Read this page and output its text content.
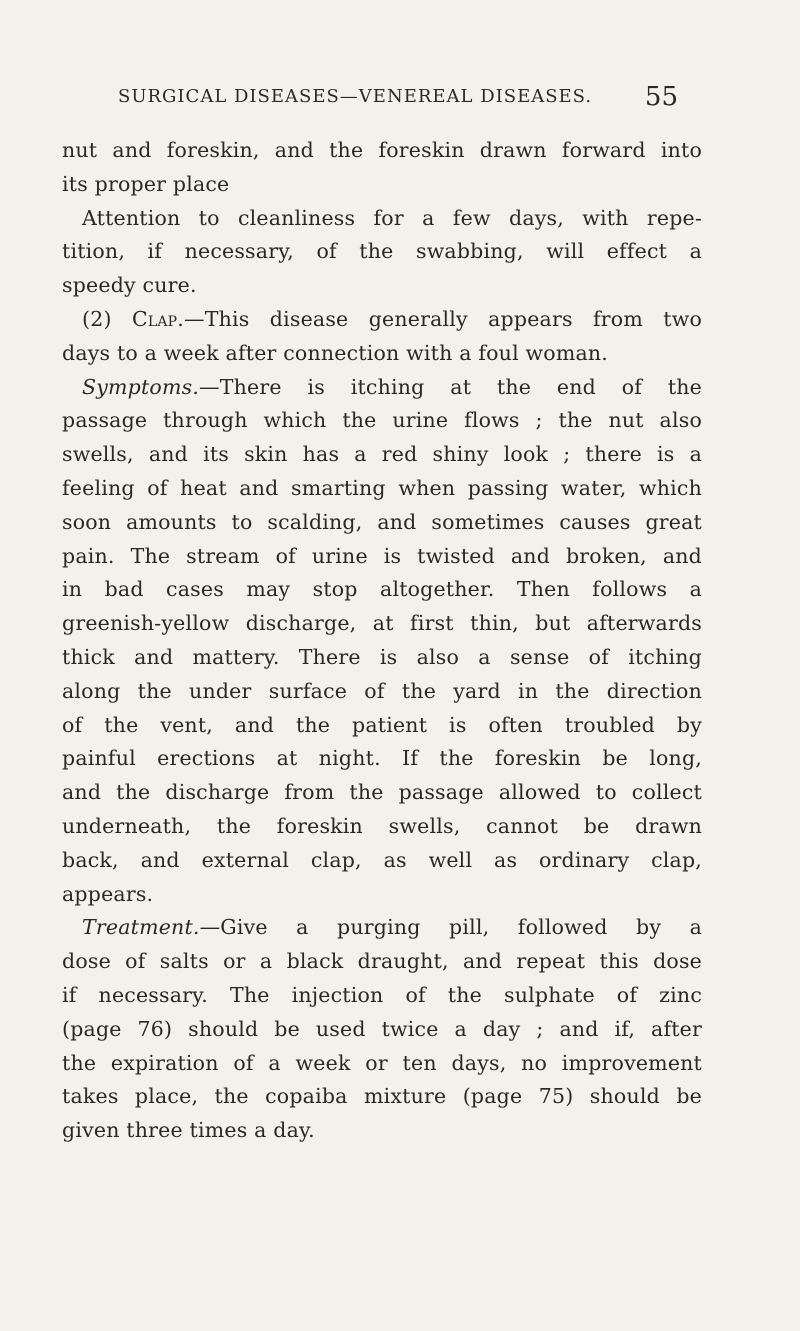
SURGICAL DISEASES—VENEREAL DISEASES. 55
nut and foreskin, and the foreskin drawn forward into
its proper place
Attention to cleanliness for a few days, with repe-
tition, if necessary, of the swabbing, will effect a
speedy cure.
(2) Clap.—This disease generally appears from two
days to a week after connection with a foul woman.
Symptoms.—There is itching at the end of the
passage through which the urine flows ; the nut also
swells, and its skin has a red shiny look ; there is a
feeling of heat and smarting when passing water, which
soon amounts to scalding, and sometimes causes great
pain. The stream of urine is twisted and broken, and
in bad cases may stop altogether. Then follows a
greenish-yellow discharge, at first thin, but afterwards
thick and mattery. There is also a sense of itching
along the under surface of the yard in the direction
of the vent, and the patient is often troubled by
painful erections at night. If the foreskin be long,
and the discharge from the passage allowed to collect
underneath, the foreskin swells, cannot be drawn
back, and external clap, as well as ordinary clap,
appears.
Treatment.—Give a purging pill, followed by a
dose of salts or a black draught, and repeat this dose
if necessary. The injection of the sulphate of zinc
(page 76) should be used twice a day ; and if, after
the expiration of a week or ten days, no improvement
takes place, the copaiba mixture (page 75) should be
given three times a day.
